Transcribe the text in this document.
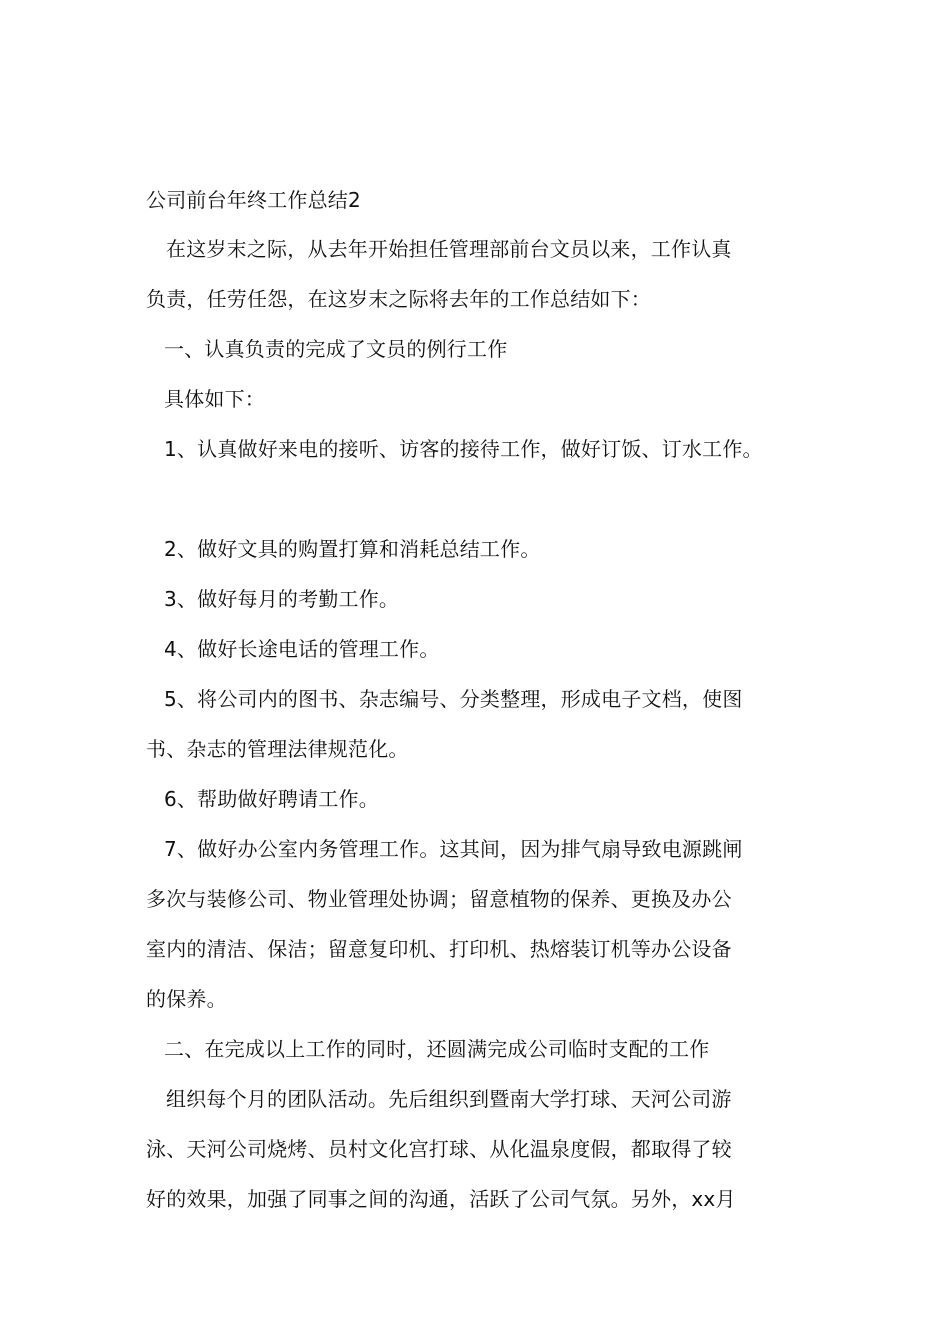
公司前台年终工作总结2
在这岁末之际，从去年开始担任管理部前台文员以来，工作认真
负责，任劳任怨，在这岁末之际将去年的工作总结如下：
一、认真负责的完成了文员的例行工作
具体如下：
1、认真做好来电的接听、访客的接待工作，做好订饭、订水工作。
2、做好文具的购置打算和消耗总结工作。
3、做好每月的考勤工作。
4、做好长途电话的管理工作。
5、将公司内的图书、杂志编号、分类整理，形成电子文档，使图
书、杂志的管理法律规范化。
6、帮助做好聘请工作。
7、做好办公室内务管理工作。这其间，因为排气扇导致电源跳闸
多次与装修公司、物业管理处协调；留意植物的保养、更换及办公
室内的清洁、保洁；留意复印机、打印机、热熔装订机等办公设备
的保养。
二、在完成以上工作的同时，还圆满完成公司临时支配的工作
组织每个月的团队活动。先后组织到暨南大学打球、天河公司游
泳、天河公司烧烤、员村文化宫打球、从化温泉度假，都取得了较
好的效果，加强了同事之间的沟通，活跃了公司气氛。另外，xx月
